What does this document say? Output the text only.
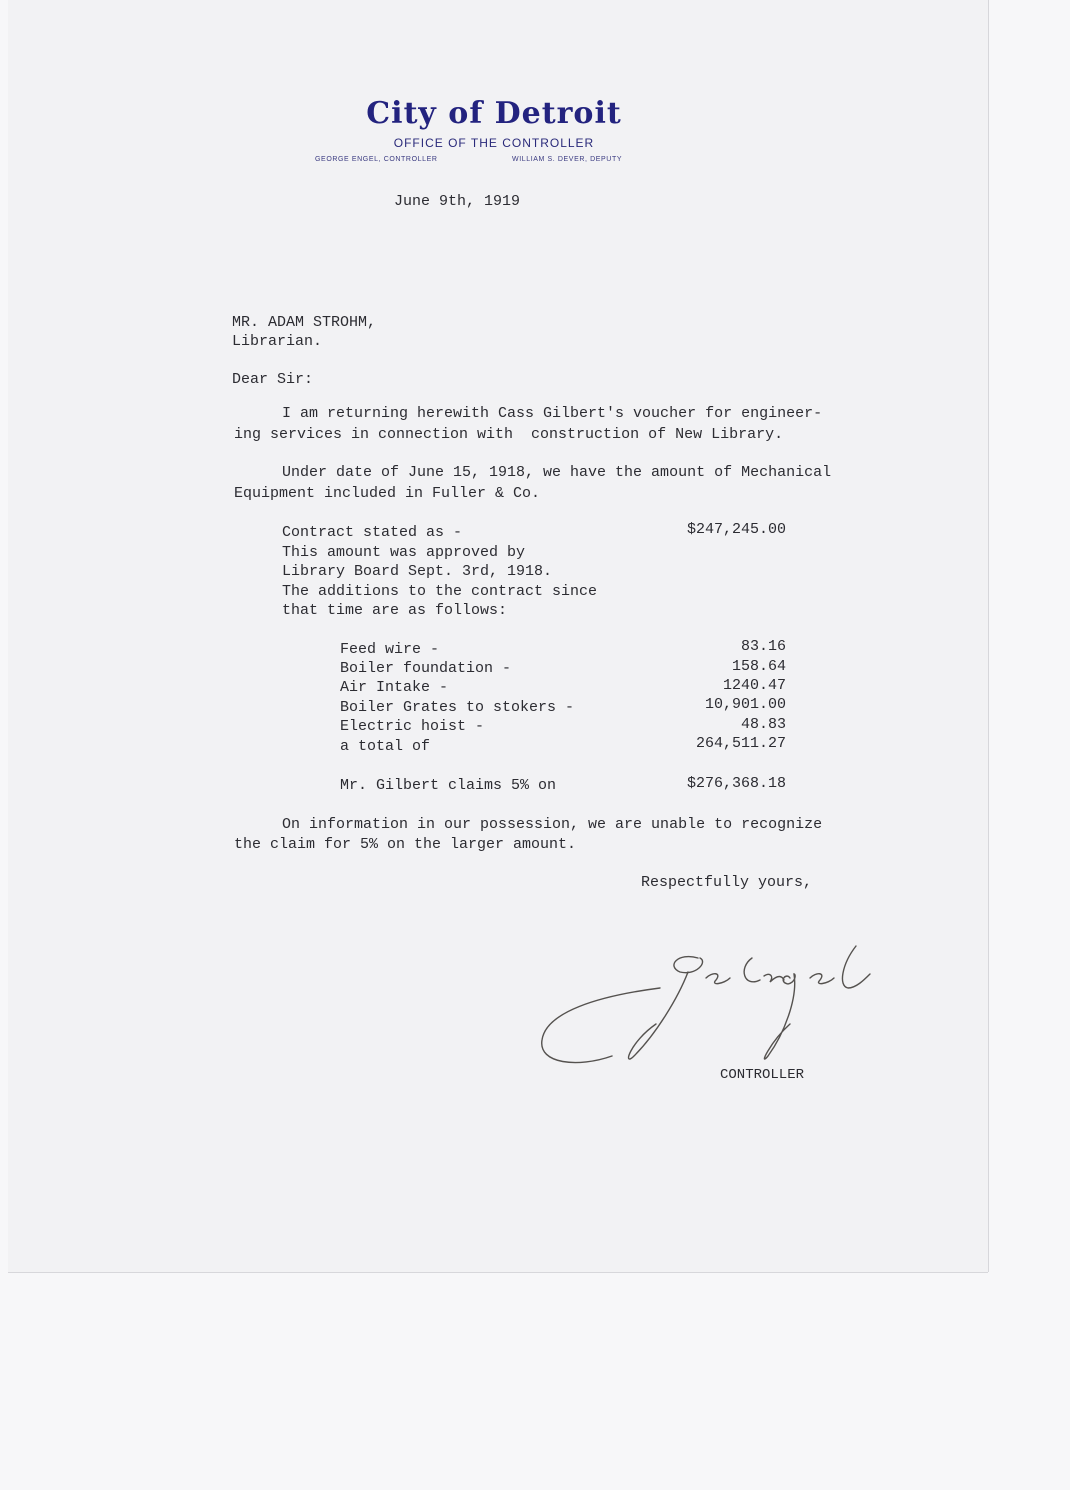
City of Detroit
OFFICE OF THE CONTROLLER
GEORGE ENGEL, CONTROLLER	WILLIAM S. DEVER, DEPUTY
June 9th, 1919
MR. ADAM STROHM,
Librarian.
Dear Sir:
I am returning herewith Cass Gilbert's voucher for engineer-
ing services in connection with  construction of New Library.
Under date of June 15, 1918, we have the amount of Mechanical
Equipment included in Fuller & Co.
Contract stated as -	$247,245.00
This amount was approved by
Library Board Sept. 3rd, 1918.
The additions to the contract since
that time are as follows:
Feed wire -	83.16
Boiler foundation -	158.64
Air Intake -	1240.47
Boiler Grates to stokers -	10,901.00
Electric hoist -	48.83
a total of	264,511.27
Mr. Gilbert claims 5% on	$276,368.18
On information in our possession, we are unable to recognize
the claim for 5% on the larger amount.
Respectfully yours,
CONTROLLER
